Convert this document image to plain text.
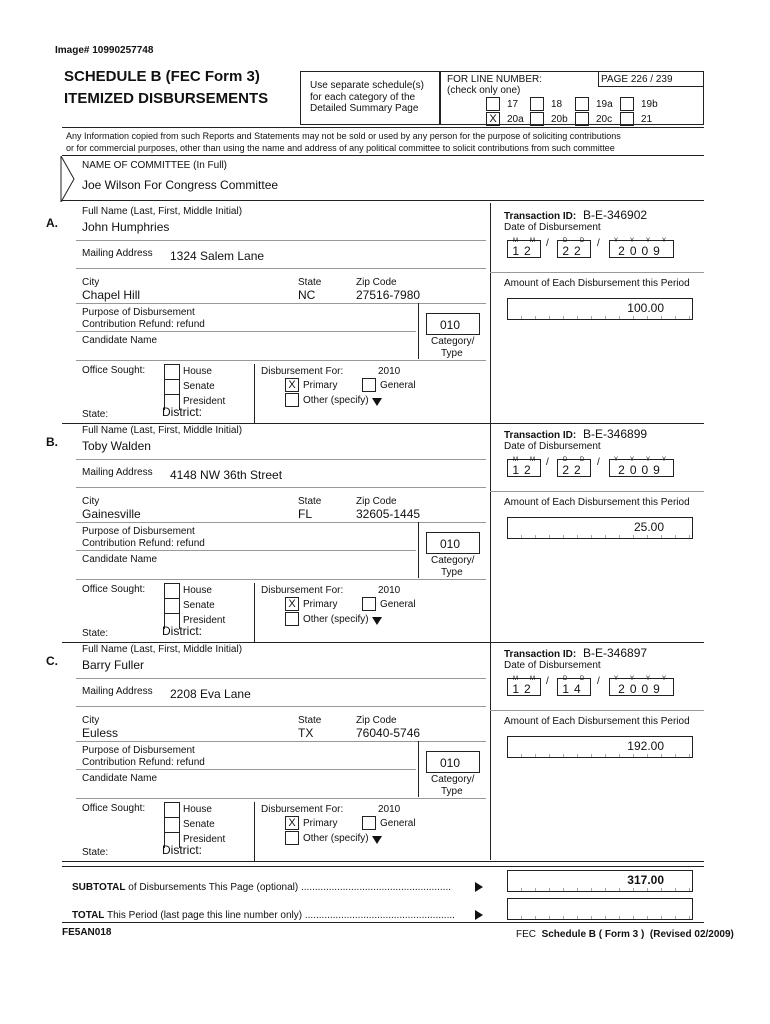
Image# 10990257748
SCHEDULE B (FEC Form 3)
ITEMIZED DISBURSEMENTS
Use separate schedule(s)
for each category of the
Detailed Summary Page
FOR LINE NUMBER:
(check only one)
PAGE 226 / 239
17	18	19a	19b
X	20a	20b	20c	21
Any Information copied from such Reports and Statements may not be sold or used by any person for the purpose of soliciting contributions
or for commercial purposes, other than using the name and address of any political committee to solicit contributions from such committee
NAME OF COMMITTEE (In Full)
Joe Wilson For Congress Committee
A.
Full Name (Last, First, Middle Initial)
John Humphries
Mailing Address 1324 Salem Lane
City
Chapel Hill
State
NC
Zip Code
27516-7980
Purpose of Disbursement
Contribution Refund: refund
Candidate Name
010
Category/
Type
Office Sought:	House
Senate
President
State:	District:
Disbursement For:	2010
X Primary	General
Other (specify)
Transaction ID: B-E-346902
Date of Disbursement
12
M M /
22
D D /
2009
Y Y Y Y
Amount of Each Disbursement this Period
100.00
B.
Full Name (Last, First, Middle Initial)
Toby Walden
Mailing Address 4148 NW 36th Street
City
Gainesville
State
FL
Zip Code
32605-1445
Purpose of Disbursement
Contribution Refund: refund
Candidate Name
010
Category/
Type
Office Sought:	House
Senate
President
State:	District:
Disbursement For:	2010
X Primary	General
Other (specify)
Transaction ID: B-E-346899
Date of Disbursement
12
M M /
22
D D /
2009
Y Y Y Y
Amount of Each Disbursement this Period
25.00
C.
Full Name (Last, First, Middle Initial)
Barry Fuller
Mailing Address 2208 Eva Lane
City
Euless
State
TX
Zip Code
76040-5746
Purpose of Disbursement
Contribution Refund: refund
Candidate Name
010
Category/
Type
Office Sought:	House
Senate
President
State:	District:
Disbursement For:	2010
X Primary	General
Other (specify)
Transaction ID: B-E-346897
Date of Disbursement
12
M M /
14
D D /
2009
Y Y Y Y
Amount of Each Disbursement this Period
192.00
SUBTOTAL of Disbursements This Page (optional) ......................................................
317.00
TOTAL This Period (last page this line number only) ......................................................
FE5AN018	FEC Schedule B ( Form 3 ) (Revised 02/2009)
